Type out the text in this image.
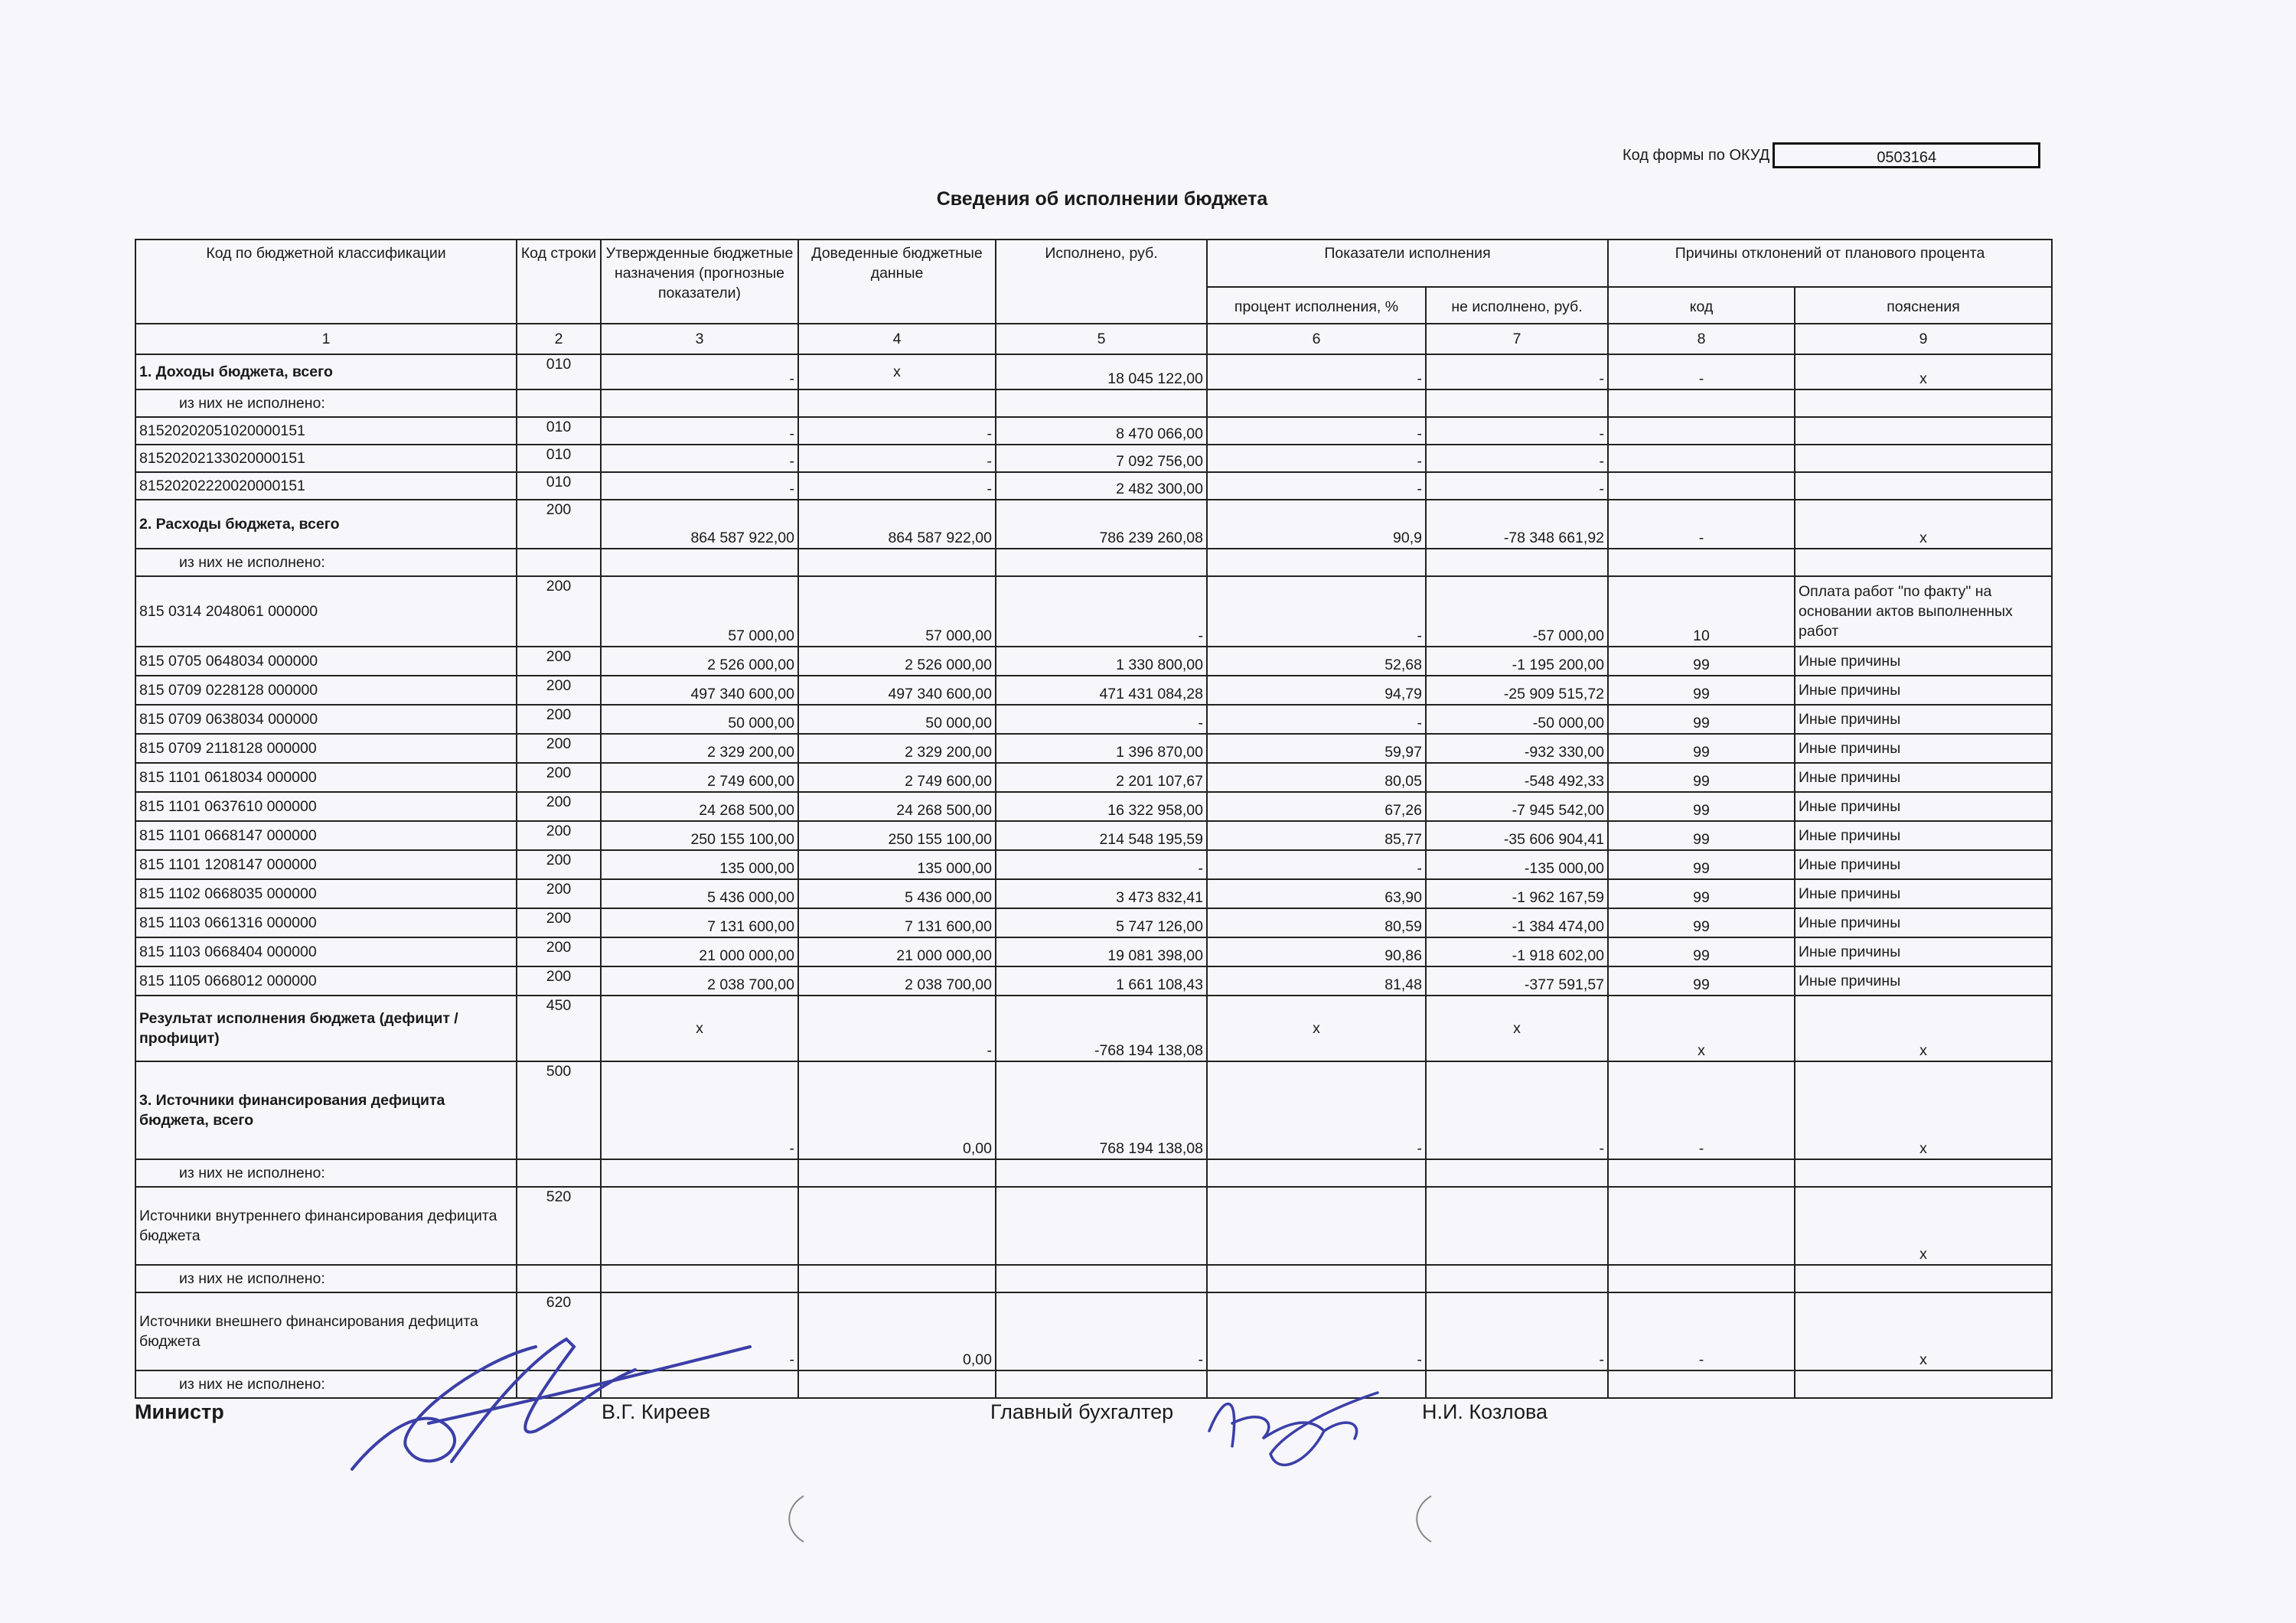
Код формы по ОКУД	0503164
Сведения об исполнении бюджета
Код по бюджетной классификации	Код строки	Утвержденные бюджетные назначения (прогнозные показатели)	Доведенные бюджетные данные	Исполнено, руб.	Показатели исполнения		Причины отклонений от планового процента	
					процент исполнения, %	не исполнено, руб.	код	пояснения
1	2	3	4	5	6	7	8	9
1. Доходы бюджета, всего	010	-	х	18 045 122,00	-	-	-	х
из них не исполнено:								
81520202051020000151	010	-	-	8 470 066,00	-	-		
81520202133020000151	010	-	-	7 092 756,00	-	-		
81520202220020000151	010	-	-	2 482 300,00	-	-		
2. Расходы бюджета, всего	200	864 587 922,00	864 587 922,00	786 239 260,08	90,9	-78 348 661,92	-	х
из них не исполнено:								
815 0314 2048061 000000	200	57 000,00	57 000,00	-	-	-57 000,00	10	Оплата работ "по факту" на основании актов выполненных работ
815 0705 0648034 000000	200	2 526 000,00	2 526 000,00	1 330 800,00	52,68	-1 195 200,00	99	Иные причины
815 0709 0228128 000000	200	497 340 600,00	497 340 600,00	471 431 084,28	94,79	-25 909 515,72	99	Иные причины
815 0709 0638034 000000	200	50 000,00	50 000,00	-	-	-50 000,00	99	Иные причины
815 0709 2118128 000000	200	2 329 200,00	2 329 200,00	1 396 870,00	59,97	-932 330,00	99	Иные причины
815 1101 0618034 000000	200	2 749 600,00	2 749 600,00	2 201 107,67	80,05	-548 492,33	99	Иные причины
815 1101 0637610 000000	200	24 268 500,00	24 268 500,00	16 322 958,00	67,26	-7 945 542,00	99	Иные причины
815 1101 0668147 000000	200	250 155 100,00	250 155 100,00	214 548 195,59	85,77	-35 606 904,41	99	Иные причины
815 1101 1208147 000000	200	135 000,00	135 000,00	-	-	-135 000,00	99	Иные причины
815 1102 0668035 000000	200	5 436 000,00	5 436 000,00	3 473 832,41	63,90	-1 962 167,59	99	Иные причины
815 1103 0661316 000000	200	7 131 600,00	7 131 600,00	5 747 126,00	80,59	-1 384 474,00	99	Иные причины
815 1103 0668404 000000	200	21 000 000,00	21 000 000,00	19 081 398,00	90,86	-1 918 602,00	99	Иные причины
815 1105 0668012 000000	200	2 038 700,00	2 038 700,00	1 661 108,43	81,48	-377 591,57	99	Иные причины
Результат исполнения бюджета (дефицит / профицит)	450	х	-	-768 194 138,08	х	х	х	х
3. Источники финансирования дефицита бюджета, всего	500	-	0,00	768 194 138,08	-	-	-	х
из них не исполнено:								
Источники внутреннего финансирования дефицита бюджета	520							х
из них не исполнено:								
Источники внешнего финансирования дефицита бюджета	620	-	0,00	-	-	-	-	х
из них не исполнено:								
Министр	В.Г. Киреев	Главный бухгалтер	Н.И. Козлова
